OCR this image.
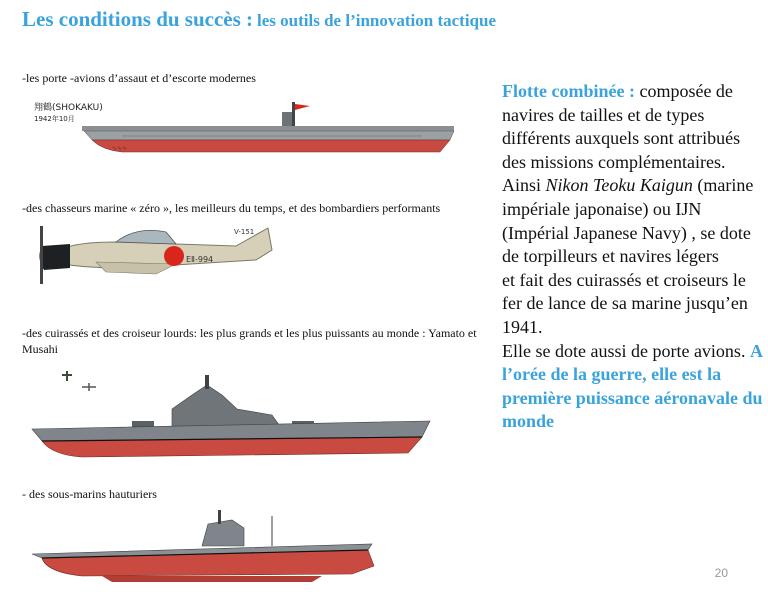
Les conditions du succès : les outils de l’innovation tactique
-les porte -avions d’assaut et d’escorte modernes
翔鶴(SHOKAKU)
1942年10月
∿∿∿
-des chasseurs marine « zéro », les meilleurs du temps, et des bombardiers performants
EⅡ-994
V-151
-des cuirassés et des croiseur lourds: les plus grands et les plus puissants au monde : Yamato et Musahi
- des sous-marins hauturiers
Flotte combinée : composée de navires de tailles et de types différents auxquels sont attribués des missions complémentaires.
Ainsi Nikon Teoku Kaigun (marine impériale japonaise) ou IJN (Impérial Japanese Navy) , se dote
de torpilleurs et navires légers
et fait des cuirassés et croiseurs le fer de lance de sa marine jusqu’en 1941.
Elle se dote aussi de porte avions. A l’orée de la guerre, elle est la première puissance aéronavale du monde
20
